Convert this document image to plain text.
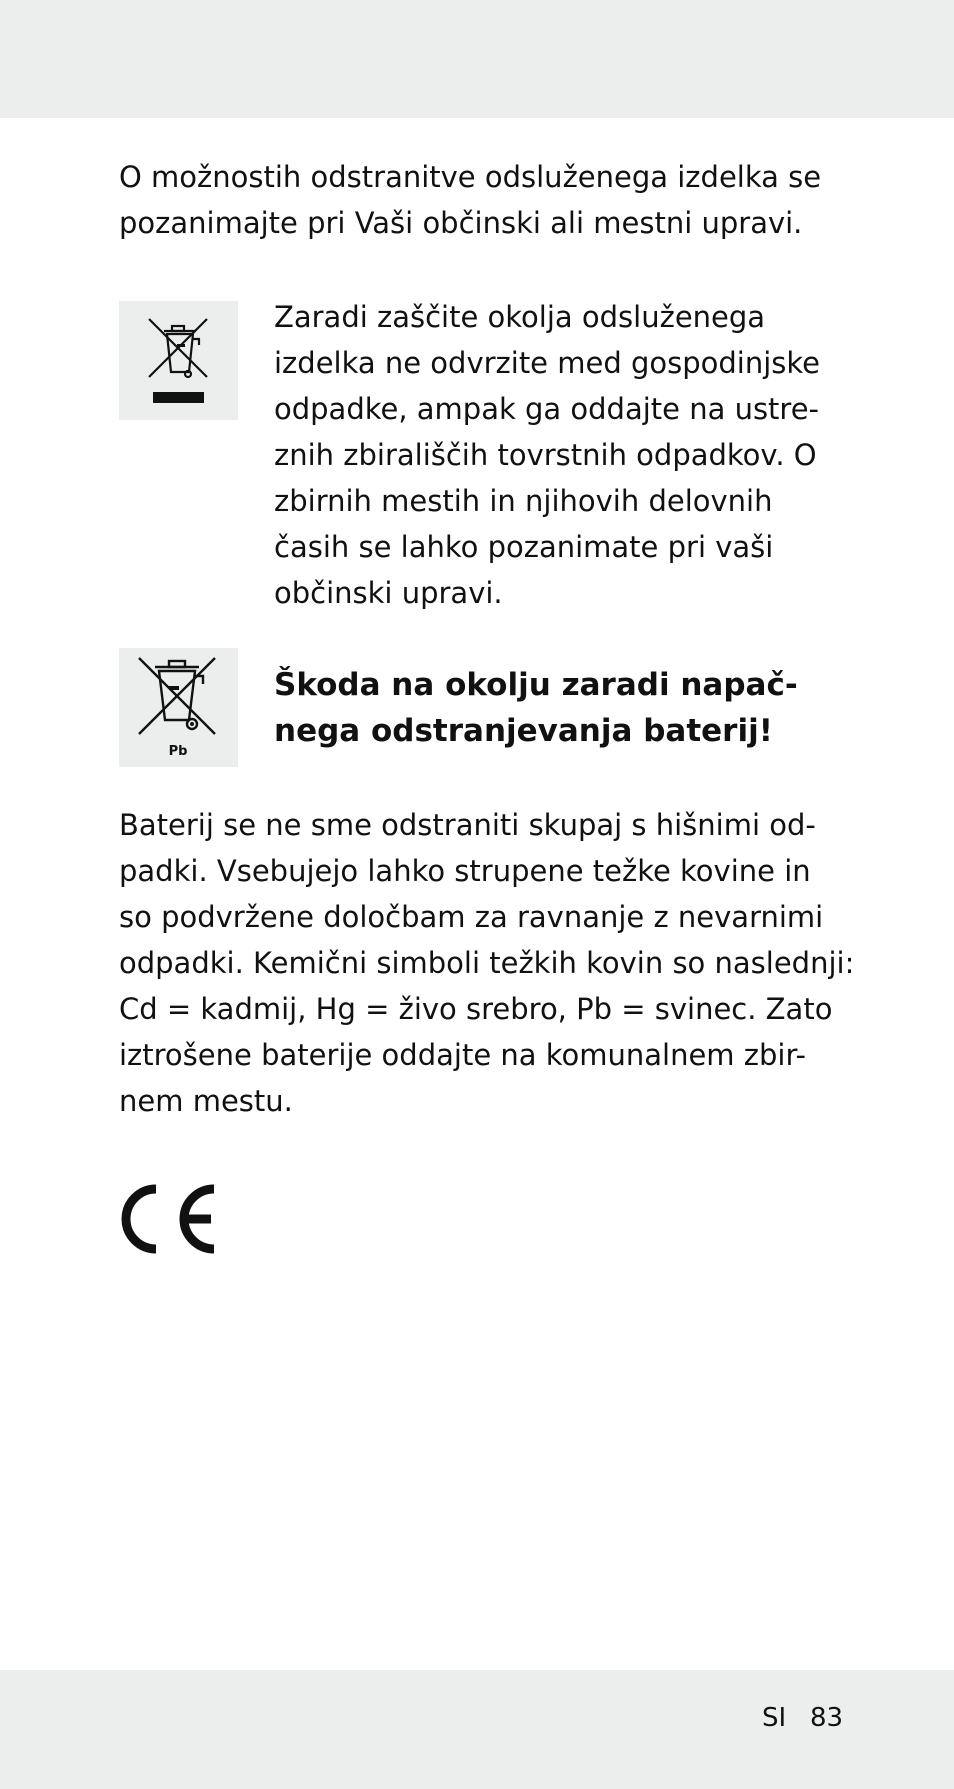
O možnostih odstranitve odsluženega izdelka se
pozanimajte pri Vaši občinski ali mestni upravi.

Zaradi zaščite okolja odsluženega
izdelka ne odvrzite med gospodinjske
odpadke, ampak ga oddajte na ustre-
znih zbirališčih tovrstnih odpadkov. O
zbirnih mestih in njihovih delovnih
časih se lahko pozanimate pri vaši
občinski upravi.

Pb
Škoda na okolju zaradi napač-
nega odstranjevanja baterij!

Baterij se ne sme odstraniti skupaj s hišnimi od-
padki. Vsebujejo lahko strupene težke kovine in
so podvržene določbam za ravnanje z nevarnimi
odpadki. Kemični simboli težkih kovin so naslednji:
Cd = kadmij, Hg = živo srebro, Pb = svinec. Zato
iztrošene baterije oddajte na komunalnem zbir-
nem mestu.

SI 83
